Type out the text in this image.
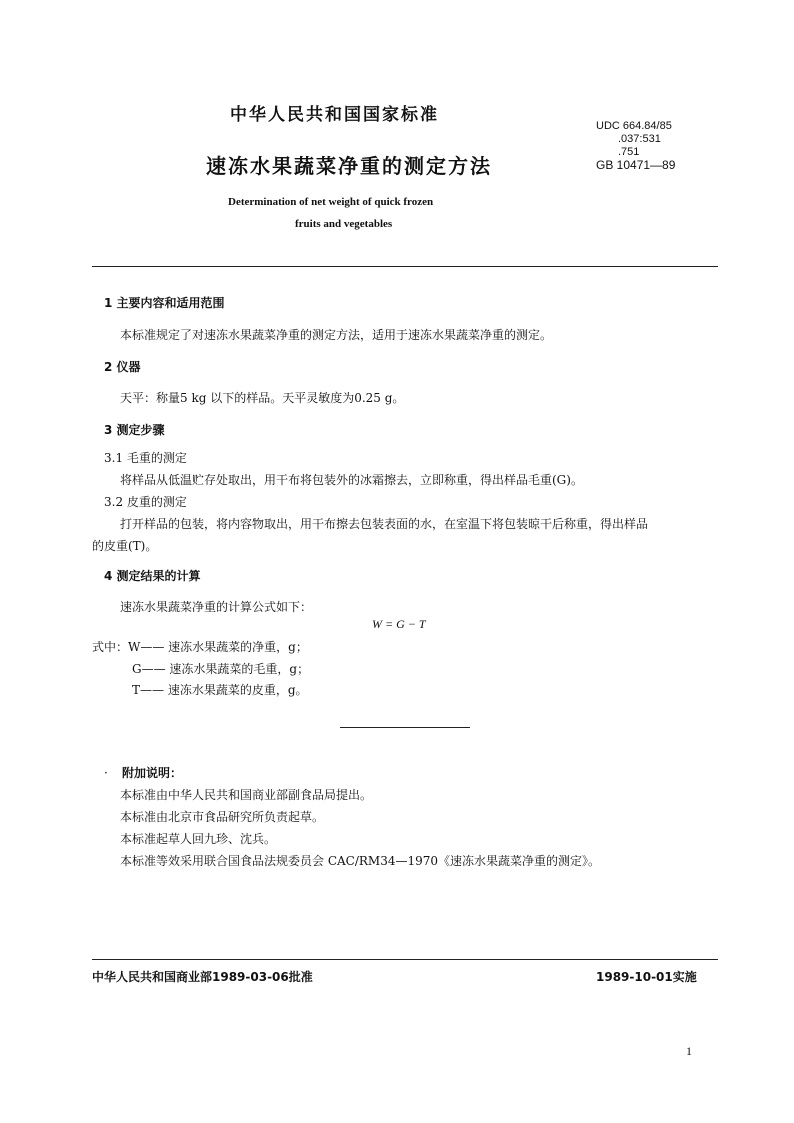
中华人民共和国国家标准
速冻水果蔬菜净重的测定方法
Determination of net weight of quick frozen
fruits and vegetables
UDC 664.84/85
.037:531
.751
GB 10471—89
1 主要内容和适用范围
本标准规定了对速冻水果蔬菜净重的测定方法，适用于速冻水果蔬菜净重的测定。
2 仪器
天平：称量5 kg 以下的样品。天平灵敏度为0.25 g。
3 测定步骤
3.1 毛重的测定
将样品从低温贮存处取出，用干布将包装外的冰霜擦去，立即称重，得出样品毛重(G)。
3.2 皮重的测定
打开样品的包装，将内容物取出，用干布擦去包装表面的水，在室温下将包装晾干后称重，得出样品
的皮重(T)。
4 测定结果的计算
速冻水果蔬菜净重的计算公式如下：
W = G − T
式中：W—— 速冻水果蔬菜的净重，g；
G—— 速冻水果蔬菜的毛重，g；
T—— 速冻水果蔬菜的皮重，g。
· 附加说明：
本标准由中华人民共和国商业部副食品局提出。
本标准由北京市食品研究所负责起草。
本标准起草人回九珍、沈兵。
本标准等效采用联合国食品法规委员会 CAC/RM34—1970《速冻水果蔬菜净重的测定》。
中华人民共和国商业部1989-03-06批准	1989-10-01实施
1
